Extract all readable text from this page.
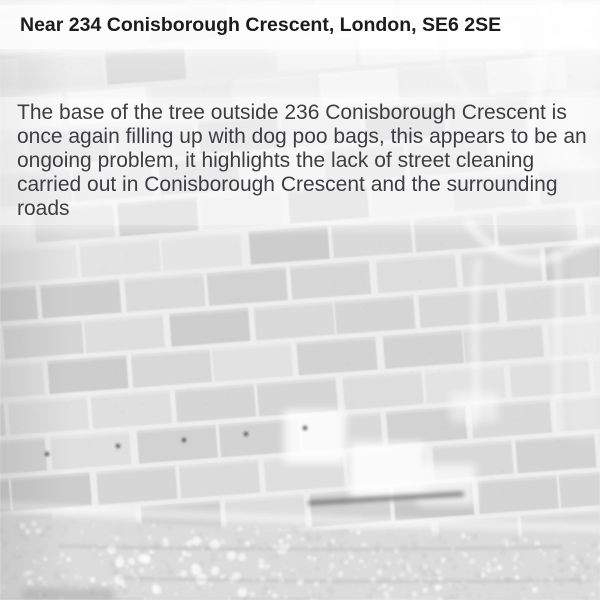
Near 234 Conisborough Crescent, London, SE6 2SE

The base of the tree outside 236 Conisborough Crescent is once again filling up with dog poo bags, this appears to be an ongoing problem, it highlights the lack of street cleaning carried out in Conisborough Crescent and the surrounding roads
